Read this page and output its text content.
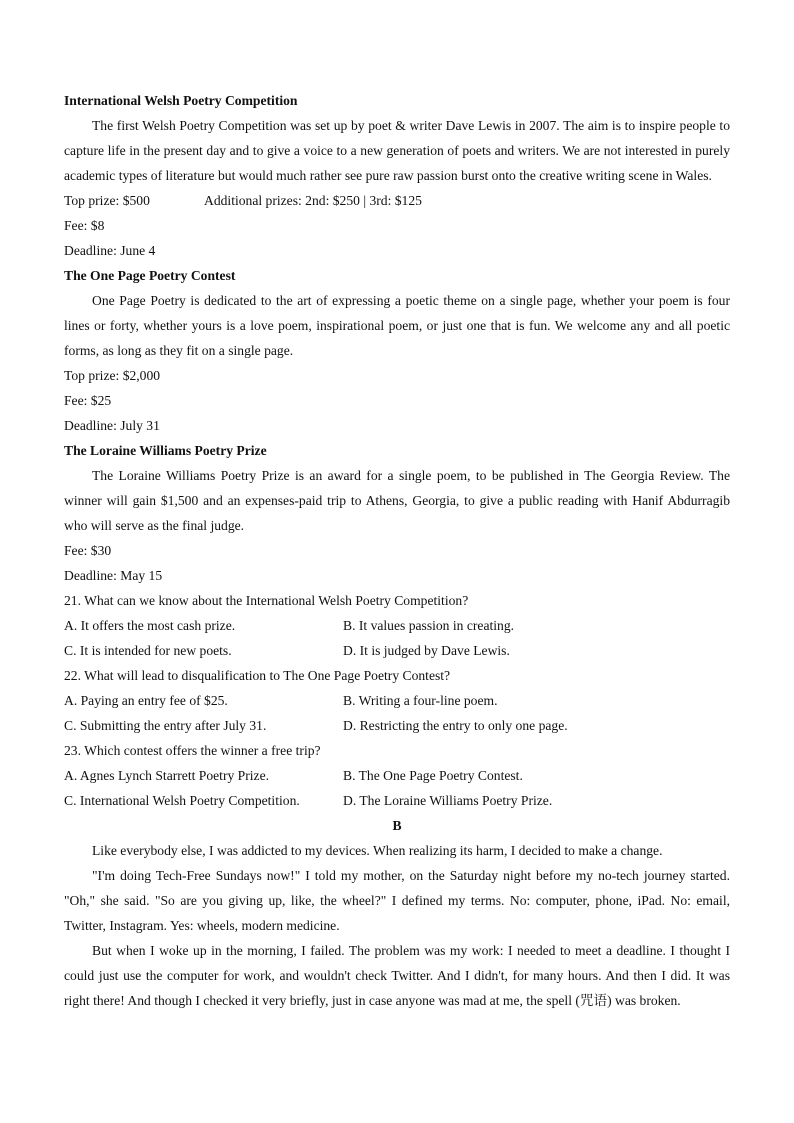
International Welsh Poetry Competition

The first Welsh Poetry Competition was set up by poet & writer Dave Lewis in 2007. The aim is to inspire people to capture life in the present day and to give a voice to a new generation of poets and writers. We are not interested in purely academic types of literature but would much rather see pure raw passion burst onto the creative writing scene in Wales.

Top prize: $500	Additional prizes: 2nd: $250 | 3rd: $125
Fee: $8
Deadline: June 4
The One Page Poetry Contest

One Page Poetry is dedicated to the art of expressing a poetic theme on a single page, whether your poem is four lines or forty, whether yours is a love poem, inspirational poem, or just one that is fun. We welcome any and all poetic forms, as long as they fit on a single page.

Top prize: $2,000
Fee: $25
Deadline: July 31
The Loraine Williams Poetry Prize

The Loraine Williams Poetry Prize is an award for a single poem, to be published in The Georgia Review. The winner will gain $1,500 and an expenses-paid trip to Athens, Georgia, to give a public reading with Hanif Abdurragib who will serve as the final judge.

Fee: $30
Deadline: May 15
21. What can we know about the International Welsh Poetry Competition?
A. It offers the most cash prize.	B. It values passion in creating.
C. It is intended for new poets.	D. It is judged by Dave Lewis.
22. What will lead to disqualification to The One Page Poetry Contest?
A. Paying an entry fee of $25.	B. Writing a four-line poem.
C. Submitting the entry after July 31.	D. Restricting the entry to only one page.
23. Which contest offers the winner a free trip?
A. Agnes Lynch Starrett Poetry Prize.	B. The One Page Poetry Contest.
C. International Welsh Poetry Competition.	D. The Loraine Williams Poetry Prize.
B

Like everybody else, I was addicted to my devices. When realizing its harm, I decided to make a change.

"I'm doing Tech-Free Sundays now!" I told my mother, on the Saturday night before my no-tech journey started. "Oh," she said. "So are you giving up, like, the wheel?" I defined my terms. No: computer, phone, iPad. No: email, Twitter, Instagram. Yes: wheels, modern medicine.

But when I woke up in the morning, I failed. The problem was my work: I needed to meet a deadline. I thought I could just use the computer for work, and wouldn't check Twitter. And I didn't, for many hours. And then I did. It was right there! And though I checked it very briefly, just in case anyone was mad at me, the spell (咒语) was broken.
